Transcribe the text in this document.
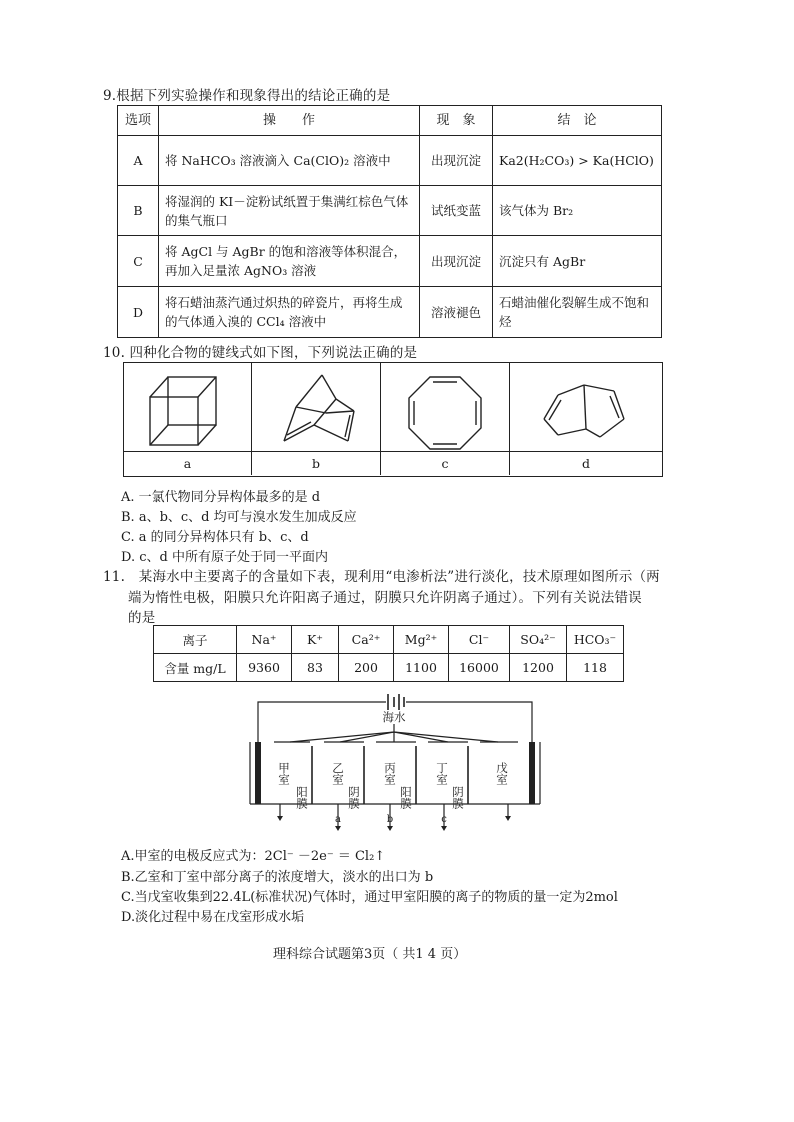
9.根据下列实验操作和现象得出的结论正确的是
选项	操　　作	现　象	结　论
A	将 NaHCO₃ 溶液滴入 Ca(ClO)₂ 溶液中	出现沉淀	Ka2(H₂CO₃) > Ka(HClO)
B	将湿润的 KI－淀粉试纸置于集满红棕色气体的集气瓶口	试纸变蓝	该气体为 Br₂
C	将 AgCl 与 AgBr 的饱和溶液等体积混合，再加入足量浓 AgNO₃ 溶液	出现沉淀	沉淀只有 AgBr
D	将石蜡油蒸汽通过炽热的碎瓷片，再将生成的气体通入溴的 CCl₄ 溶液中	溶液褪色	石蜡油催化裂解生成不饱和烃
10. 四种化合物的键线式如下图，下列说法正确的是
a	b	c	d
A. 一氯代物同分异构体最多的是 d
B. a、b、c、d 均可与溴水发生加成反应
C. a 的同分异构体只有 b、c、d
D. c、d 中所有原子处于同一平面内
11.　某海水中主要离子的含量如下表，现利用“电渗析法”进行淡化，技术原理如图所示（两
端为惰性电极，阳膜只允许阳离子通过，阴膜只允许阴离子通过）。下列有关说法错误
的是
离子	Na⁺	K⁺	Ca²⁺	Mg²⁺	Cl⁻	SO₄²⁻	HCO₃⁻
含量 mg/L	9360	83	200	1100	16000	1200	118
海水
甲室	乙室	丙室	丁室	戊室
阳膜	阴膜	阳膜	阴膜
a	b	c
A.甲室的电极反应式为：2Cl⁻ －2e⁻ ＝ Cl₂↑
B.乙室和丁室中部分离子的浓度增大，淡水的出口为 b
C.当戊室收集到22.4L(标准状况)气体时，通过甲室阳膜的离子的物质的量一定为2mol
D.淡化过程中易在戊室形成水垢
理科综合试题第3页（ 共1 4 页）
